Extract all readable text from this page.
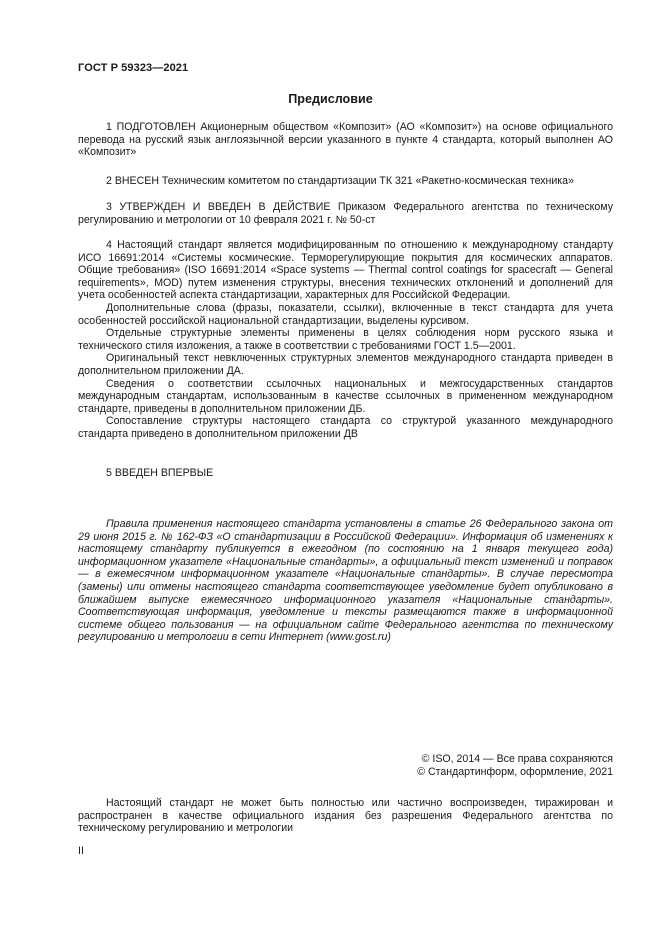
ГОСТ Р 59323—2021
Предисловие

1 ПОДГОТОВЛЕН Акционерным обществом «Композит» (АО «Композит») на основе официального перевода на русский язык англоязычной версии указанного в пункте 4 стандарта, который выполнен АО «Композит»

2 ВНЕСЕН Техническим комитетом по стандартизации ТК 321 «Ракетно-космическая техника»

3 УТВЕРЖДЕН И ВВЕДЕН В ДЕЙСТВИЕ Приказом Федерального агентства по техническому регулированию и метрологии от 10 февраля 2021 г. № 50-ст

4 Настоящий стандарт является модифицированным по отношению к международному стандарту ИСО 16691:2014 «Системы космические. Терморегулирующие покрытия для космических аппаратов. Общие требования» (ISO 16691:2014 «Space systems — Thermal control coatings for spacecraft — General requirements», MOD) путем изменения структуры, внесения технических отклонений и дополнений для учета особенностей аспекта стандартизации, характерных для Российской Федерации.

Дополнительные слова (фразы, показатели, ссылки), включенные в текст стандарта для учета особенностей российской национальной стандартизации, выделены курсивом.

Отдельные структурные элементы применены в целях соблюдения норм русского языка и технического стиля изложения, а также в соответствии с требованиями ГОСТ 1.5—2001.

Оригинальный текст невключенных структурных элементов международного стандарта приведен в дополнительном приложении ДА.

Сведения о соответствии ссылочных национальных и межгосударственных стандартов международным стандартам, использованным в качестве ссылочных в примененном международном стандарте, приведены в дополнительном приложении ДБ.

Сопоставление структуры настоящего стандарта со структурой указанного международного стандарта приведено в дополнительном приложении ДВ

5 ВВЕДЕН ВПЕРВЫЕ

Правила применения настоящего стандарта установлены в статье 26 Федерального закона от 29 июня 2015 г. № 162-ФЗ «О стандартизации в Российской Федерации». Информация об изменениях к настоящему стандарту публикуется в ежегодном (по состоянию на 1 января текущего года) информационном указателе «Национальные стандарты», а официальный текст изменений и поправок — в ежемесячном информационном указателе «Национальные стандарты». В случае пересмотра (замены) или отмены настоящего стандарта соответствующее уведомление будет опубликовано в ближайшем выпуске ежемесячного информационного указателя «Национальные стандарты». Соответствующая информация, уведомление и тексты размещаются также в информационной системе общего пользования — на официальном сайте Федерального агентства по техническому регулированию и метрологии в сети Интернет (www.gost.ru)

© ISO, 2014 — Все права сохраняются
© Стандартинформ, оформление, 2021

Настоящий стандарт не может быть полностью или частично воспроизведен, тиражирован и распространен в качестве официального издания без разрешения Федерального агентства по техническому регулированию и метрологии

II
